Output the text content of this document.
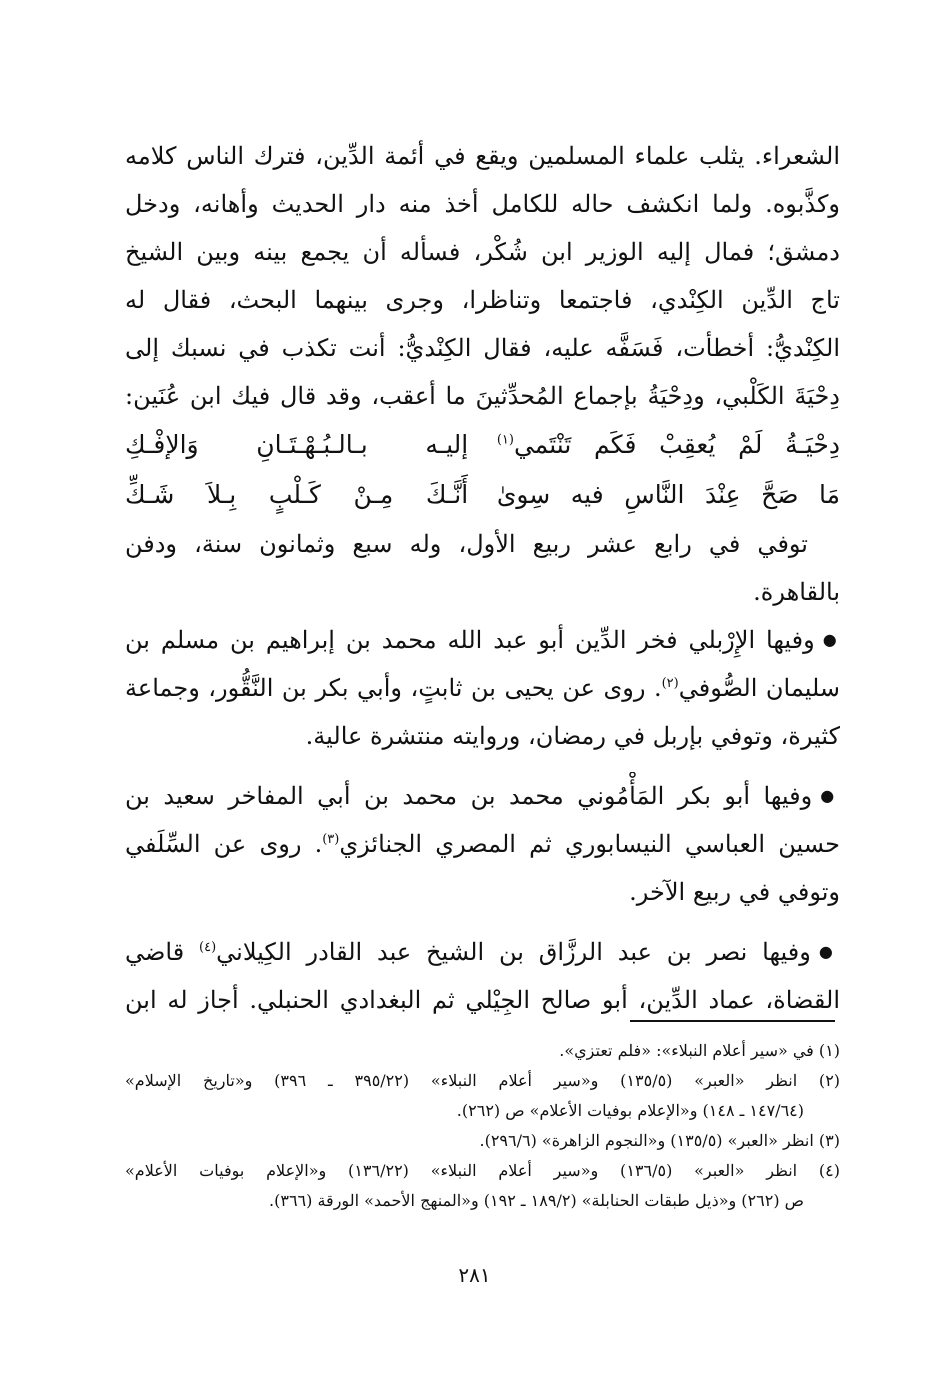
الشعراء. يثلب علماء المسلمين ويقع في أئمة الدِّين، فترك الناس كلامه
وكذَّبوه. ولما انكشف حاله للكامل أخذ منه دار الحديث وأهانه، ودخل
دمشق؛ فمال إليه الوزير ابن شُكْر، فسأله أن يجمع بينه وبين الشيخ
تاج الدِّين الكِنْدي، فاجتمعا وتناظرا، وجرى بينهما البحث، فقال له
الكِنْديُّ: أخطأت، فَسَفَّه عليه، فقال الكِنْديُّ: أنت تكذب في نسبك إلى
دِحْيَةَ الكَلْبي، ودِحْيَةُ بإجماع المُحدِّثينَ ما أعقب، وقد قال فيك ابن عُنَين:
دِحْيَـةُ لَمْ يُعقِبْ فَكَم تَنْتَمي$^{(١)}$
إليـه بـالـبُـهْـتَـانِ وَالإفْـكِ
مَا صَحَّ عِنْدَ النَّاسِ فيه سِوىٰ
أَنَّـكَ مِـنْ كَـلْبٍ بِـلاَ شَـكِّ
توفي في رابع عشر ربيع الأول، وله سبع وثمانون سنة، ودفن
بالقاهرة.
● وفيها الإِرْبلي فخر الدِّين أبو عبد الله محمد بن إبراهيم بن مسلم بن
سليمان الصُّوفي$^{(٢)}$. روى عن يحيى بن ثابتٍ، وأبي بكر بن النَّقُّور، وجماعة
كثيرة، وتوفي بإربل في رمضان، وروايته منتشرة عالية.
● وفيها أبو بكر المَأْمُوني محمد بن محمد بن أبي المفاخر سعيد بن
حسين العباسي النيسابوري ثم المصري الجنائزي$^{(٣)}$. روى عن السِّلَفي
وتوفي في ربيع الآخر.
● وفيها نصر بن عبد الرزَّاق بن الشيخ عبد القادر الكِيلاني$^{(٤)}$ قاضي
القضاة، عماد الدِّين، أبو صالح الجِيْلي ثم البغدادي الحنبلي. أجاز له ابن
(١) في «سير أعلام النبلاء»: «فلم تعتزي».
(٢) انظر «العبر» (١٣٥/٥) و«سير أعلام النبلاء» (٣٩٥/٢٢ ـ ٣٩٦) و«تاريخ الإسلام»
(١٤٧/٦٤ ـ ١٤٨) و«الإعلام بوفيات الأعلام» ص (٢٦٢).
(٣) انظر «العبر» (١٣٥/٥) و«النجوم الزاهرة» (٢٩٦/٦).
(٤) انظر «العبر» (١٣٦/٥) و«سير أعلام النبلاء» (١٣٦/٢٢) و«الإعلام بوفيات الأعلام»
ص (٢٦٢) و«ذيل طبقات الحنابلة» (١٨٩/٢ ـ ١٩٢) و«المنهج الأحمد» الورقة (٣٦٦).
٢٨١
